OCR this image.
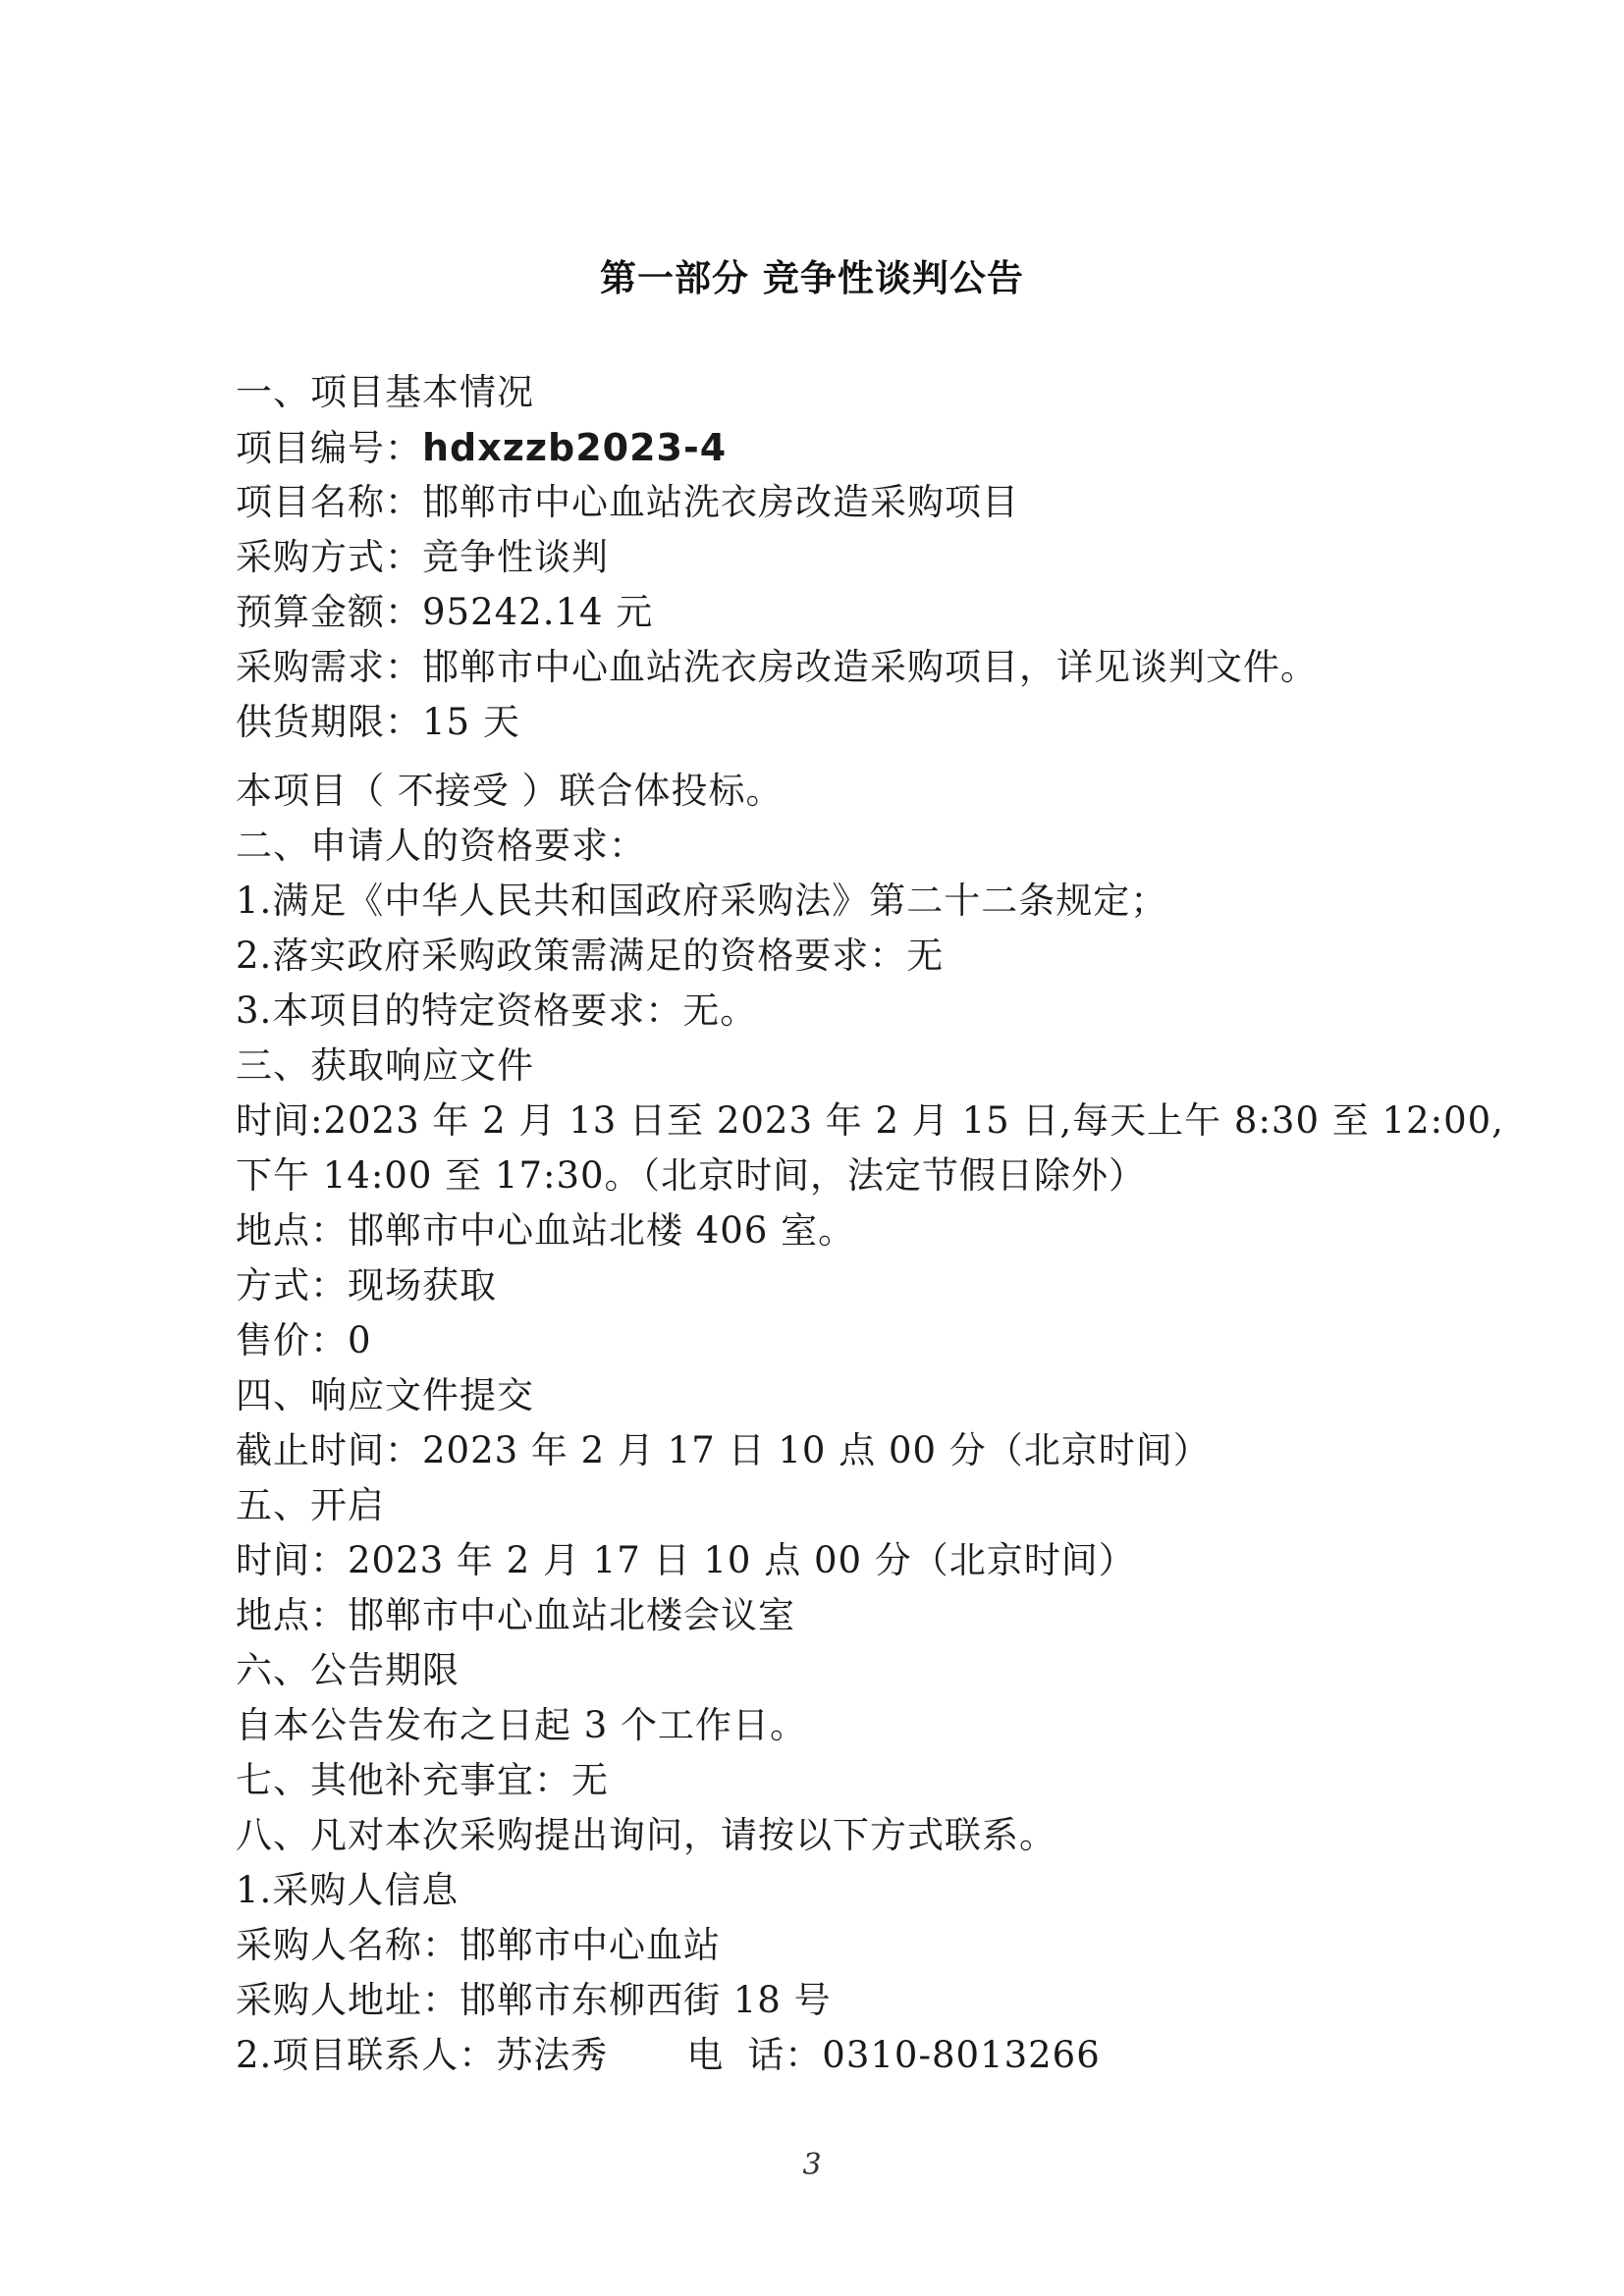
第一部分 竞争性谈判公告
一、项目基本情况
项目编号：hdxzzb2023-4
项目名称：邯郸市中心血站洗衣房改造采购项目
采购方式：竞争性谈判
预算金额：95242.14 元
采购需求：邯郸市中心血站洗衣房改造采购项目，详见谈判文件。
供货期限：15 天
本项目（ 不接受 ）联合体投标。
二、申请人的资格要求：
1.满足《中华人民共和国政府采购法》第二十二条规定；
2.落实政府采购政策需满足的资格要求：无
3.本项目的特定资格要求：无。
三、获取响应文件
时间:2023 年 2 月 13 日至 2023 年 2 月 15 日,每天上午 8:30 至 12:00,
下午 14:00 至 17:30。（北京时间，法定节假日除外）
地点：邯郸市中心血站北楼 406 室。
方式：现场获取
售价：0
四、响应文件提交
截止时间：2023 年 2 月 17 日 10 点 00 分（北京时间）
五、开启
时间：2023 年 2 月 17 日 10 点 00 分（北京时间）
地点：邯郸市中心血站北楼会议室
六、公告期限
自本公告发布之日起 3 个工作日。
七、其他补充事宜：无
八、凡对本次采购提出询问，请按以下方式联系。
1.采购人信息
采购人名称：邯郸市中心血站
采购人地址：邯郸市东柳西街 18 号
2.项目联系人：苏法秀 电 话：0310-8013266
3
